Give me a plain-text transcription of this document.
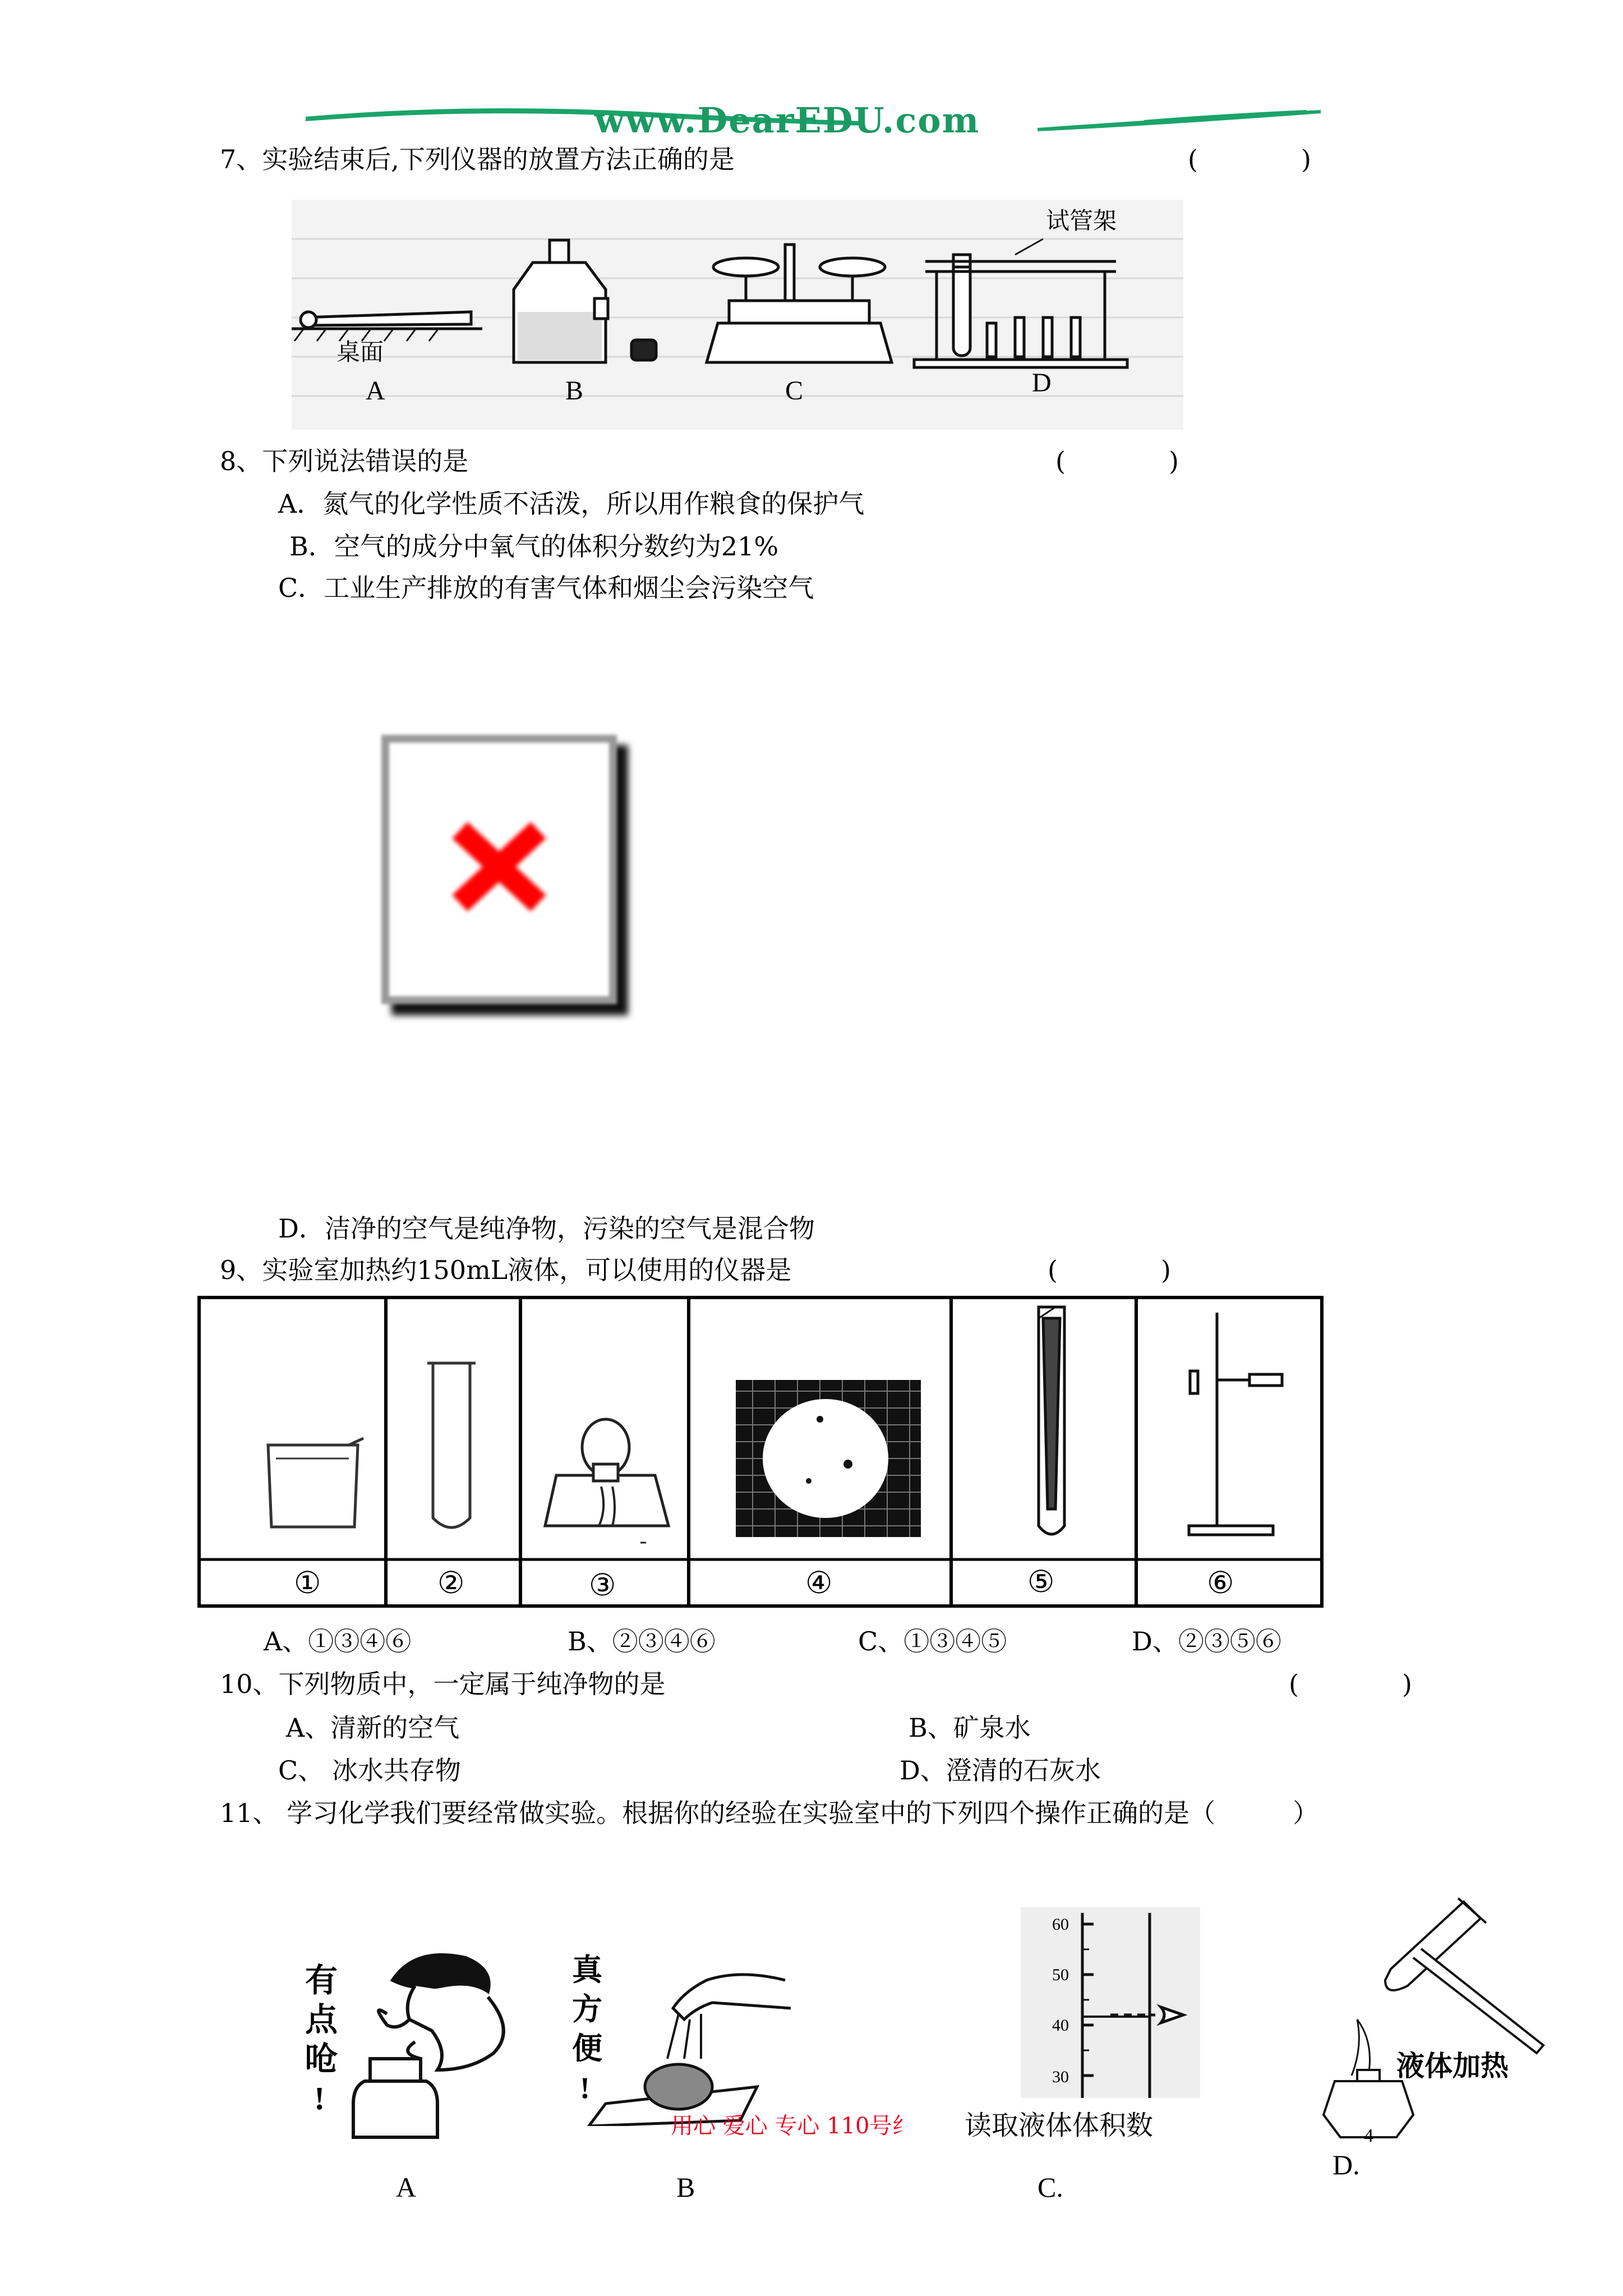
www.DearEDU.com
7、实验结束后,下列仪器的放置方法正确的是	(　　　　)
桌面
A	B	C
试管架
D
8、下列说法错误的是	(　　　　)
A．氮气的化学性质不活泼，所以用作粮食的保护气
B．空气的成分中氧气的体积分数约为21%
C．工业生产排放的有害气体和烟尘会污染空气
D．洁净的空气是纯净物，污染的空气是混合物
9、实验室加热约150mL液体，可以使用的仪器是	(　　　　)
①	②	③	④	⑤	⑥
A、①③④⑥	B、②③④⑥	C、①③④⑤	D、②③⑤⑥
10、下列物质中，一定属于纯净物的是	(　　　　)
A、清新的空气	B、矿泉水
C、 冰水共存物	D、澄清的石灰水
11、 学习化学我们要经常做实验。根据你的经验在实验室中的下列四个操作正确的是（　　　）
有
点
呛
!
真
方
便
!
60
50
40
30	液体加热
4
用心 爱心 专心 110号纟 读取液体体积数
A	B	C.
D.
